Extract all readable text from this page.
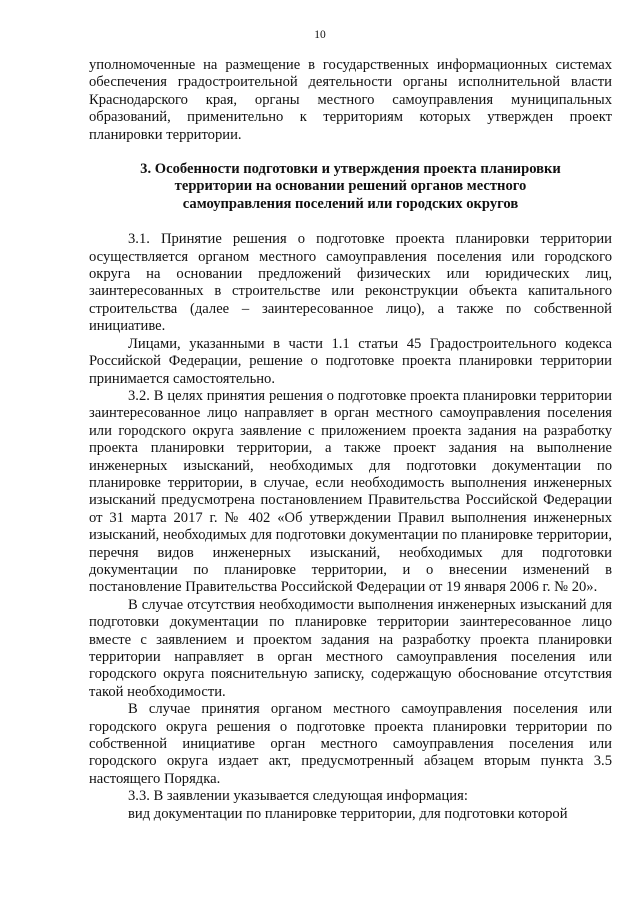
10

уполномоченные на размещение в государственных информационных системах обеспечения градостроительной деятельности органы исполнительной власти Краснодарского края, органы местного самоуправления муниципальных образований, применительно к территориям которых утвержден проект планировки территории.

3. Особенности подготовки и утверждения проекта планировки территории на основании решений органов местного самоуправления поселений или городских округов

3.1. Принятие решения о подготовке проекта планировки территории осуществляется органом местного самоуправления поселения или городского округа на основании предложений физических или юридических лиц, заинтересованных в строительстве или реконструкции объекта капитального строительства (далее – заинтересованное лицо), а также по собственной инициативе.

Лицами, указанными в части 1.1 статьи 45 Градостроительного кодекса Российской Федерации, решение о подготовке проекта планировки территории принимается самостоятельно.

3.2. В целях принятия решения о подготовке проекта планировки территории заинтересованное лицо направляет в орган местного самоуправления поселения или городского округа заявление с приложением проекта задания на разработку проекта планировки территории, а также проект задания на выполнение инженерных изысканий, необходимых для подготовки документации по планировке территории, в случае, если необходимость выполнения инженерных изысканий предусмотрена постановлением Правительства Российской Федерации от 31 марта 2017 г. № 402 «Об утверждении Правил выполнения инженерных изысканий, необходимых для подготовки документации по планировке территории, перечня видов инженерных изысканий, необходимых для подготовки документации по планировке территории, и о внесении изменений в постановление Правительства Российской Федерации от 19 января 2006 г. № 20».

В случае отсутствия необходимости выполнения инженерных изысканий для подготовки документации по планировке территории заинтересованное лицо вместе с заявлением и проектом задания на разработку проекта планировки территории направляет в орган местного самоуправления поселения или городского округа пояснительную записку, содержащую обоснование отсутствия такой необходимости.

В случае принятия органом местного самоуправления поселения или городского округа решения о подготовке проекта планировки территории по собственной инициативе орган местного самоуправления поселения или городского округа издает акт, предусмотренный абзацем вторым пункта 3.5 настоящего Порядка.

3.3. В заявлении указывается следующая информация:

вид документации по планировке территории, для подготовки которой
